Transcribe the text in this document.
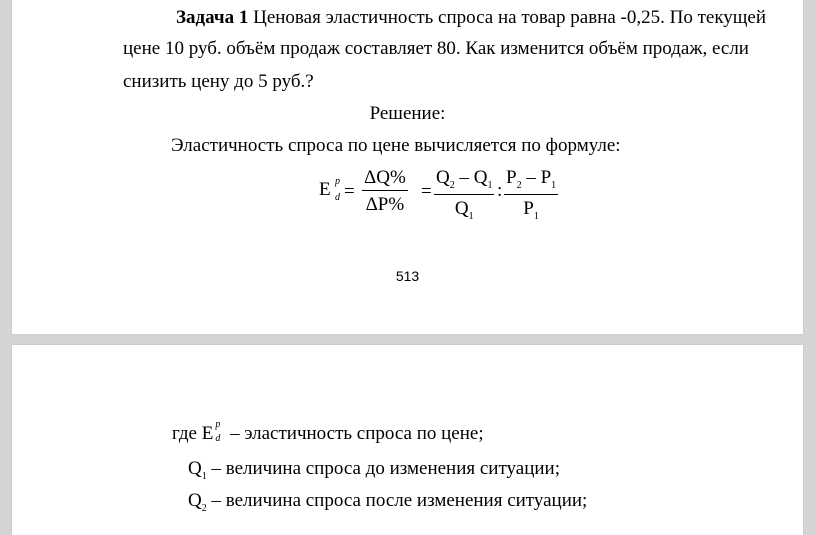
Задача 1 Ценовая эластичность спроса на товар равна -0,25. По текущей
цене 10 руб. объём продаж составляет 80. Как изменится объём продаж, если
снизить цену до 5 руб.?
Решение:
Эластичность спроса по цене вычисляется по формуле:
E p
d =
ΔQ%
ΔP%
=
$Q_2 - Q_1$
$Q_1$
:
$P_2 - P_1$
$P_1$
513
где E p
d – эластичность спроса по цене;
$Q_1$ – величина спроса до изменения ситуации;
$Q_2$ – величина спроса после изменения ситуации;
